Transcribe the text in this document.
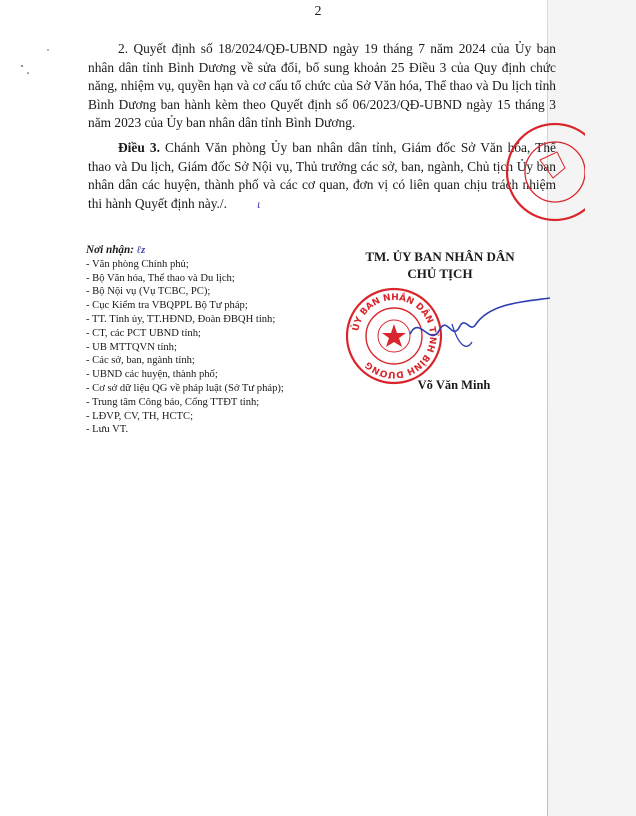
2

2. Quyết định số 18/2024/QĐ-UBND ngày 19 tháng 7 năm 2024 của Ủy ban nhân dân tỉnh Bình Dương về sửa đổi, bổ sung khoản 25 Điều 3 của Quy định chức năng, nhiệm vụ, quyền hạn và cơ cấu tổ chức của Sở Văn hóa, Thể thao và Du lịch tỉnh Bình Dương ban hành kèm theo Quyết định số 06/2023/QĐ-UBND ngày 15 tháng 3 năm 2023 của Ủy ban nhân dân tỉnh Bình Dương.

Điều 3. Chánh Văn phòng Ủy ban nhân dân tỉnh, Giám đốc Sở Văn hóa, Thể thao và Du lịch, Giám đốc Sở Nội vụ, Thủ trưởng các sở, ban, ngành, Chủ tịch Ủy ban nhân dân các huyện, thành phố và các cơ quan, đơn vị có liên quan chịu trách nhiệm thi hành Quyết định này./.	ɩ

Nơi nhận: ℓz
- Văn phòng Chính phủ;
- Bộ Văn hóa, Thể thao và Du lịch;
- Bộ Nội vụ (Vụ TCBC, PC);
- Cục Kiểm tra VBQPPL Bộ Tư pháp;
- TT. Tỉnh ủy, TT.HĐND, Đoàn ĐBQH tỉnh;
- CT, các PCT UBND tỉnh;
- UB MTTQVN tỉnh;
- Các sở, ban, ngành tỉnh;
- UBND các huyện, thành phố;
- Cơ sở dữ liệu QG về pháp luật (Sở Tư pháp);
- Trung tâm Công báo, Cổng TTĐT tỉnh;
- LĐVP, CV, TH, HCTC;
- Lưu VT.
TM. ỦY BAN NHÂN DÂN
CHỦ TỊCH
ỦY BAN NHÂN DÂN TỈNH BÌNH DƯƠNG
Võ Văn Minh
